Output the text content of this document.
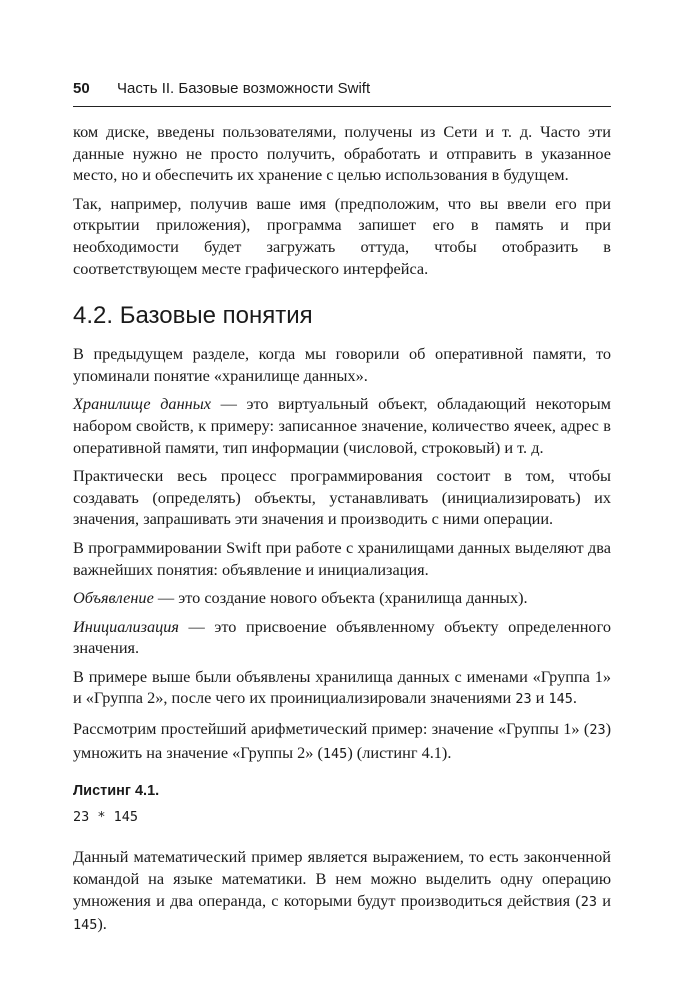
50 Часть II. Базовые возможности Swift

ком диске, введены пользователями, получены из Сети и т. д. Часто эти данные нужно не просто получить, обработать и отправить в указанное место, но и обеспечить их хранение с целью использования в будущем.

Так, например, получив ваше имя (предположим, что вы ввели его при открытии приложения), программа запишет его в память и при необходимости будет загружать оттуда, чтобы отобразить в соответствующем месте графического интерфейса.

4.2. Базовые понятия

В предыдущем разделе, когда мы говорили об оперативной памяти, то упоминали понятие «хранилище данных».

Хранилище данных — это виртуальный объект, обладающий некоторым набором свойств, к примеру: записанное значение, количество ячеек, адрес в оперативной памяти, тип информации (числовой, строковый) и т. д.

Практически весь процесс программирования состоит в том, чтобы создавать (определять) объекты, устанавливать (инициализировать) их значения, запрашивать эти значения и производить с ними операции.

В программировании Swift при работе с хранилищами данных выделяют два важнейших понятия: объявление и инициализация.

Объявление — это создание нового объекта (хранилища данных).

Инициализация — это присвоение объявленному объекту определенного значения.

В примере выше были объявлены хранилища данных с именами «Группа 1» и «Группа 2», после чего их проинициализировали значениями 23 и 145.

Рассмотрим простейший арифметический пример: значение «Группы 1» (23) умножить на значение «Группы 2» (145) (листинг 4.1).

Листинг 4.1.
23 * 145

Данный математический пример является выражением, то есть законченной командой на языке математики. В нем можно выделить одну операцию умножения и два операнда, с которыми будут производиться действия (23 и 145).
